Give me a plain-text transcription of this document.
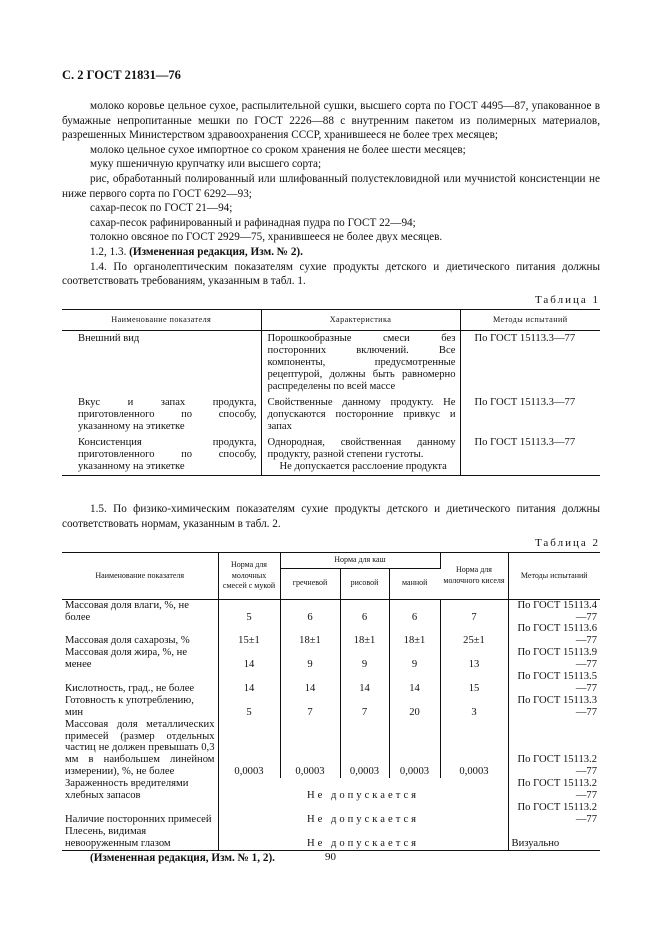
С. 2 ГОСТ 21831—76

молоко коровье цельное сухое, распылительной сушки, высшего сорта по ГОСТ 4495—87, упакованное в бумажные непропитанные мешки по ГОСТ 2226—88 с внутренним пакетом из полимерных материалов, разрешенных Министерством здравоохранения СССР, хранившееся не более трех месяцев;

молоко цельное сухое импортное со сроком хранения не более шести месяцев;

муку пшеничную крупчатку или высшего сорта;

рис, обработанный полированный или шлифованный полустекловидной или мучнистой консистенции не ниже первого сорта по ГОСТ 6292—93;

сахар-песок по ГОСТ 21—94;

сахар-песок рафинированный и рафинадная пудра по ГОСТ 22—94;

толокно овсяное по ГОСТ 2929—75, хранившееся не более двух месяцев.

1.2, 1.3. (Измененная редакция, Изм. № 2).

1.4. По органолептическим показателям сухие продукты детского и диетического питания должны соответствовать требованиям, указанным в табл. 1.

Таблица 1
Наименование показателя	Характеристика	Методы испытаний
Внешний вид	Порошкообразные смеси без посторонних включений. Все компоненты, предусмотренные рецептурой, должны быть равномерно распределены по всей массе	По ГОСТ 15113.3—77
Вкус и запах продукта, приготовленного по способу, указанному на этикетке	Свойственные данному продукту. Не допускаются посторонние привкус и запах	По ГОСТ 15113.3—77
Консистенция продукта, приготовленного по способу, указанному на этикетке	Однородная, свойственная данному продукту, разной степени густоты.
Не допускается расслоение продукта	По ГОСТ 15113.3—77

1.5. По физико-химическим показателям сухие продукты детского и диетического питания должны соответствовать нормам, указанным в табл. 2.

Таблица 2
Наименование показателя	Норма для молочных смесей с мукой	Норма для каш			Норма для молочного киселя	Методы испытаний
		гречневой	рисовой	манной		
Массовая доля влаги, %, не более	5	6	6	6	7	По ГОСТ 15113.4—77
Массовая доля сахарозы, %	15±1	18±1	18±1	18±1	25±1	По ГОСТ 15113.6—77
Массовая доля жира, %, не менее	14	9	9	9	13	По ГОСТ 15113.9—77
Кислотность, град., не более	14	14	14	14	15	По ГОСТ 15113.5—77
Готовность к употреблению, мин	5	7	7	20	3	По ГОСТ 15113.3—77
Массовая доля металлических примесей (размер отдельных частиц не должен превышать 0,3 мм в наибольшем линейном измерении), %, не более	0,0003	0,0003	0,0003	0,0003	0,0003	По ГОСТ 15113.2—77
Зараженность вредителями хлебных запасов	Не допускается					По ГОСТ 15113.2—77
Наличие посторонних примесей	Не допускается					По ГОСТ 15113.2—77
Плесень, видимая невооруженным глазом	Не допускается					Визуально

(Измененная редакция, Изм. № 1, 2).	90
